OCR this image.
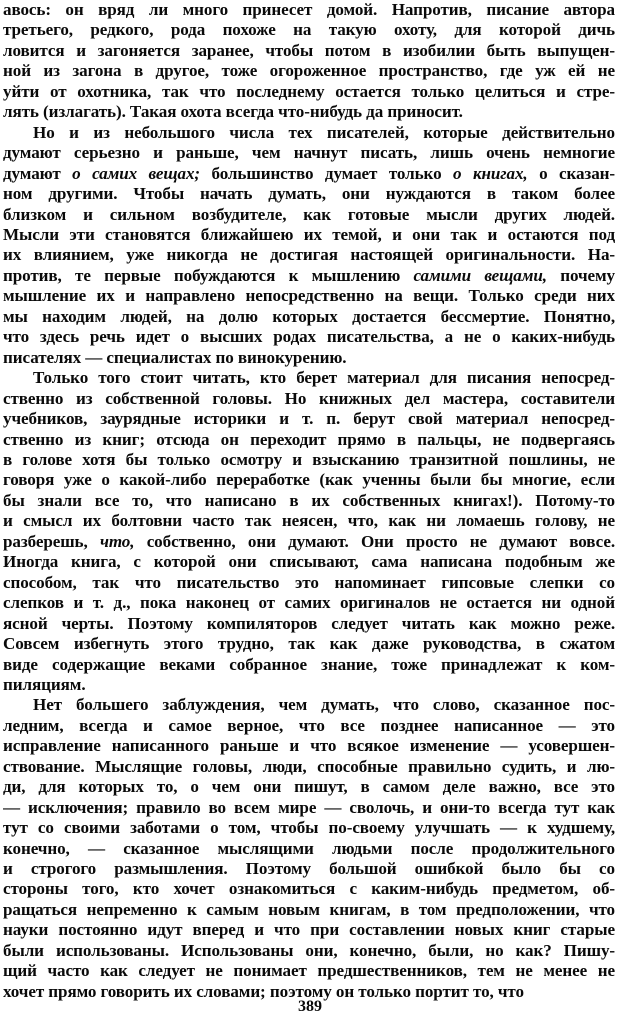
авось: он вряд ли много принесет домой. Напротив, писание автора
третьего, редкого, рода похоже на такую охоту, для которой дичь
ловится и загоняется заранее, чтобы потом в изобилии быть выпущен-
ной из загона в другое, тоже огороженное пространство, где уж ей не
уйти от охотника, так что последнему остается только целиться и стре-
лять (излагать). Такая охота всегда что-нибудь да приносит.
Но и из небольшого числа тех писателей, которые действительно
думают серьезно и раньше, чем начнут писать, лишь очень немногие
думают о самих вещах; большинство думает только о книгах, о сказан-
ном другими. Чтобы начать думать, они нуждаются в таком более
близком и сильном возбудителе, как готовые мысли других людей.
Мысли эти становятся ближайшею их темой, и они так и остаются под
их влиянием, уже никогда не достигая настоящей оригинальности. На-
против, те первые побуждаются к мышлению самими вещами, почему
мышление их и направлено непосредственно на вещи. Только среди них
мы находим людей, на долю которых достается бессмертие. Понятно,
что здесь речь идет о высших родах писательства, а не о каких-нибудь
писателях — специалистах по винокурению.
Только того стоит читать, кто берет материал для писания непосред-
ственно из собственной головы. Но книжных дел мастера, составители
учебников, заурядные историки и т. п. берут свой материал непосред-
ственно из книг; отсюда он переходит прямо в пальцы, не подвергаясь
в голове хотя бы только осмотру и взысканию транзитной пошлины, не
говоря уже о какой-либо переработке (как ученны были бы многие, если
бы знали все то, что написано в их собственных книгах!). Потому-то
и смысл их болтовни часто так неясен, что, как ни ломаешь голову, не
разберешь, что, собственно, они думают. Они просто не думают вовсе.
Иногда книга, с которой они списывают, сама написана подобным же
способом, так что писательство это напоминает гипсовые слепки со
слепков и т. д., пока наконец от самих оригиналов не остается ни одной
ясной черты. Поэтому компиляторов следует читать как можно реже.
Совсем избегнуть этого трудно, так как даже руководства, в сжатом
виде содержащие веками собранное знание, тоже принадлежат к ком-
пиляциям.
Нет большего заблуждения, чем думать, что слово, сказанное пос-
ледним, всегда и самое верное, что все позднее написанное — это
исправление написанного раньше и что всякое изменение — усовершен-
ствование. Мыслящие головы, люди, способные правильно судить, и лю-
ди, для которых то, о чем они пишут, в самом деле важно, все это
— исключения; правило во всем мире — сволочь, и они-то всегда тут как
тут со своими заботами о том, чтобы по-своему улучшать — к худшему,
конечно, — сказанное мыслящими людьми после продолжительного
и строгого размышления. Поэтому большой ошибкой было бы со
стороны того, кто хочет ознакомиться с каким-нибудь предметом, об-
ращаться непременно к самым новым книгам, в том предположении, что
науки постоянно идут вперед и что при составлении новых книг старые
были использованы. Использованы они, конечно, были, но как? Пишу-
щий часто как следует не понимает предшественников, тем не менее не
хочет прямо говорить их словами; поэтому он только портит то, что
389
